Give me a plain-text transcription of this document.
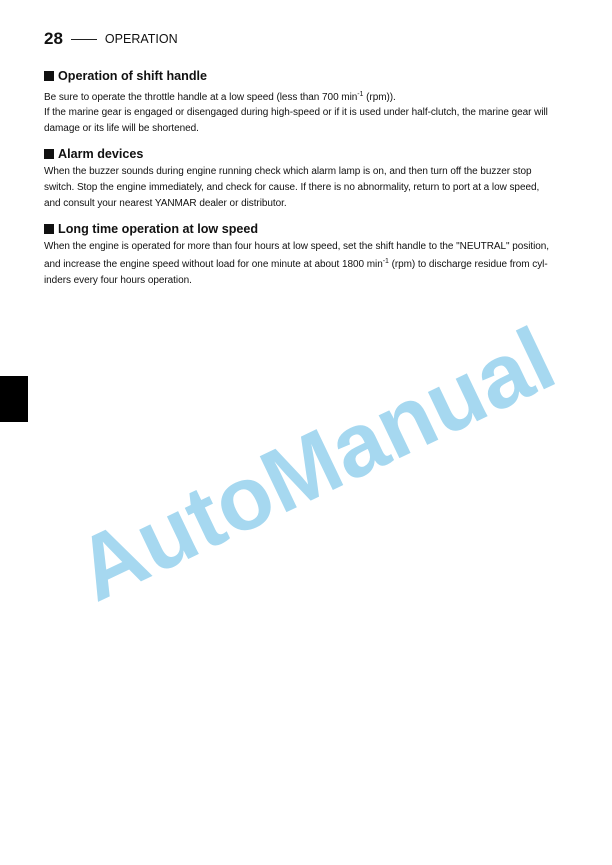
28	OPERATION
Operation of shift handle
Be sure to operate the throttle handle at a low speed (less than 700 $\min^{-1} (rpm)$).
If the marine gear is engaged or disengaged during high-speed or if it is used under half-clutch, the marine gear will
damage or its life will be shortened.
Alarm devices
When the buzzer sounds during engine running check which alarm lamp is on, and then turn off the buzzer stop
switch. Stop the engine immediately, and check for cause. If there is no abnormality, return to port at a low speed,
and consult your nearest YANMAR dealer or distributor.
Long time operation at low speed
When the engine is operated for more than four hours at low speed, set the shift handle to the "NEUTRAL" position,
and increase the engine speed without load for one minute at about 1800 $\min^{-1} (rpm)$ to discharge residue from cyl-
inders every four hours operation.
AutoManual
